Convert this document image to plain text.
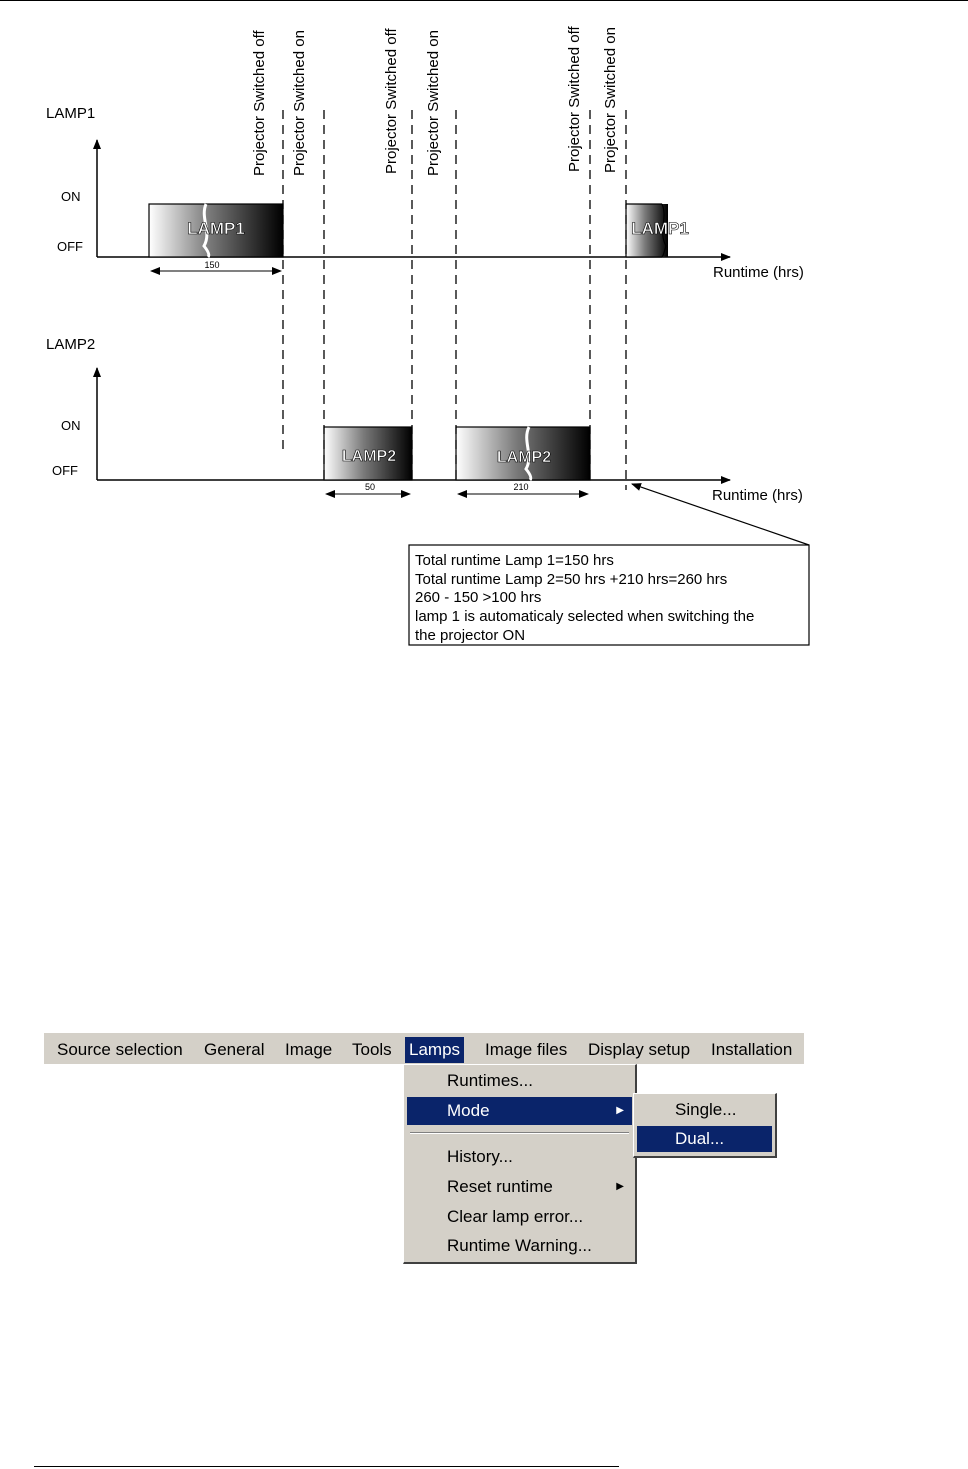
LAMP1
ON
OFF
Runtime (hrs)
LAMP1
150
LAMP1
LAMP2
ON
OFF
Runtime (hrs)
LAMP2
50
LAMP2
210
Projector Switched off Projector Switched on	Projector Switched off Projector Switched on	Projector Switched off Projector Switched on
Total runtime Lamp 1=150 hrs
Total runtime Lamp 2=50 hrs +210 hrs=260 hrs
260 - 150 >100 hrs
lamp 1 is automaticaly selected when switching the
the projector ON
Source selection General Image Tools Lamps Image files Display setup Installation
Runtimes...
Mode	▶
History...
Reset runtime	▶
Clear lamp error...
Runtime Warning...
Single...
Dual...
